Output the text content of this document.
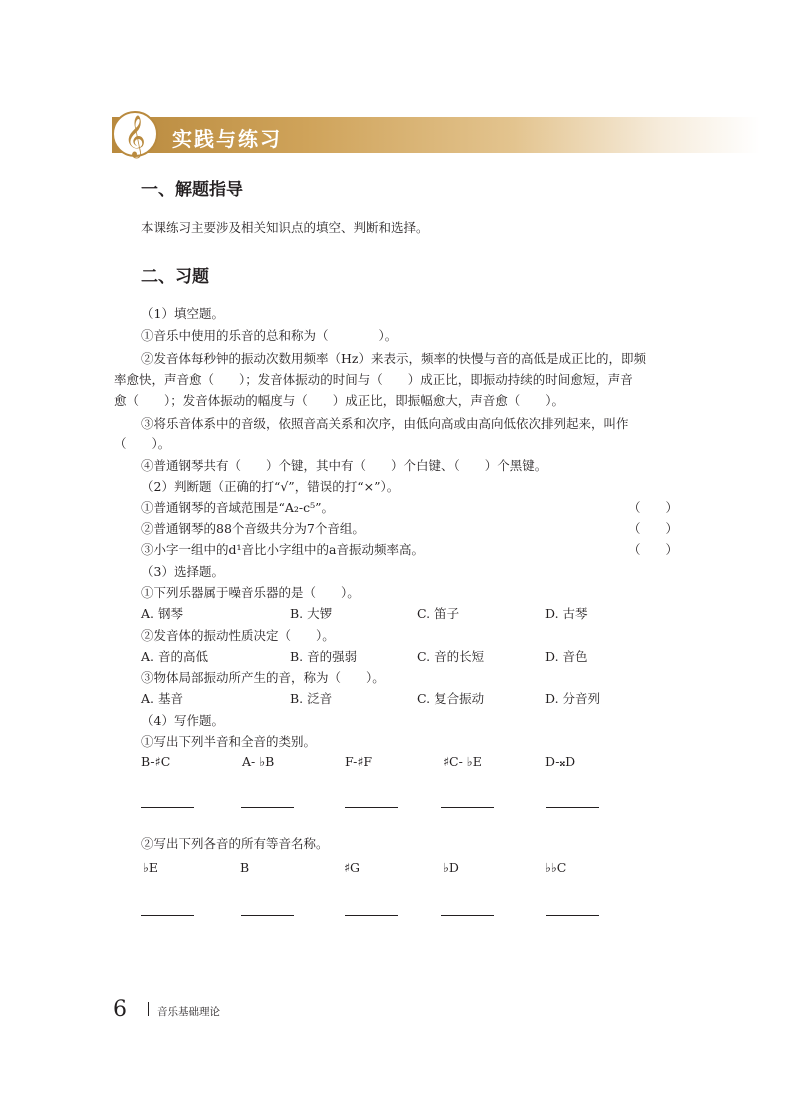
𝄞 实践与练习
一、解题指导
本课练习主要涉及相关知识点的填空、判断和选择。
二、习题
（1）填空题。
①音乐中使用的乐音的总和称为（　　　　）。
②发音体每秒钟的振动次数用频率（Hz）来表示，频率的快慢与音的高低是成正比的，即频
率愈快，声音愈（　　）；发音体振动的时间与（　　）成正比，即振动持续的时间愈短，声音
愈（　　）；发音体振动的幅度与（　　）成正比，即振幅愈大，声音愈（　　）。
③将乐音体系中的音级，依照音高关系和次序，由低向高或由高向低依次排列起来，叫作
（　　）。
④普通钢琴共有（　　）个键，其中有（　　）个白键、（　　）个黑键。
（2）判断题（正确的打“√”，错误的打“×”）。
①普通钢琴的音域范围是“A₂-c⁵”。	（　　）
②普通钢琴的88个音级共分为7个音组。	（　　）
③小字一组中的d¹音比小字组中的a音振动频率高。	（　　）
（3）选择题。
①下列乐器属于噪音乐器的是（　　）。
A. 钢琴	B. 大锣	C. 笛子	D. 古琴
②发音体的振动性质决定（　　）。
A. 音的高低	B. 音的强弱	C. 音的长短	D. 音色
③物体局部振动所产生的音，称为（　　）。
A. 基音	B. 泛音	C. 复合振动	D. 分音列
（4）写作题。
①写出下列半音和全音的类别。
B-♯C	A- ♭B	F-♯F	♯C- ♭E	D-𝄪D
②写出下列各音的所有等音名称。
♭E	B	♯G	♭D	♭♭C
6	音乐基础理论
